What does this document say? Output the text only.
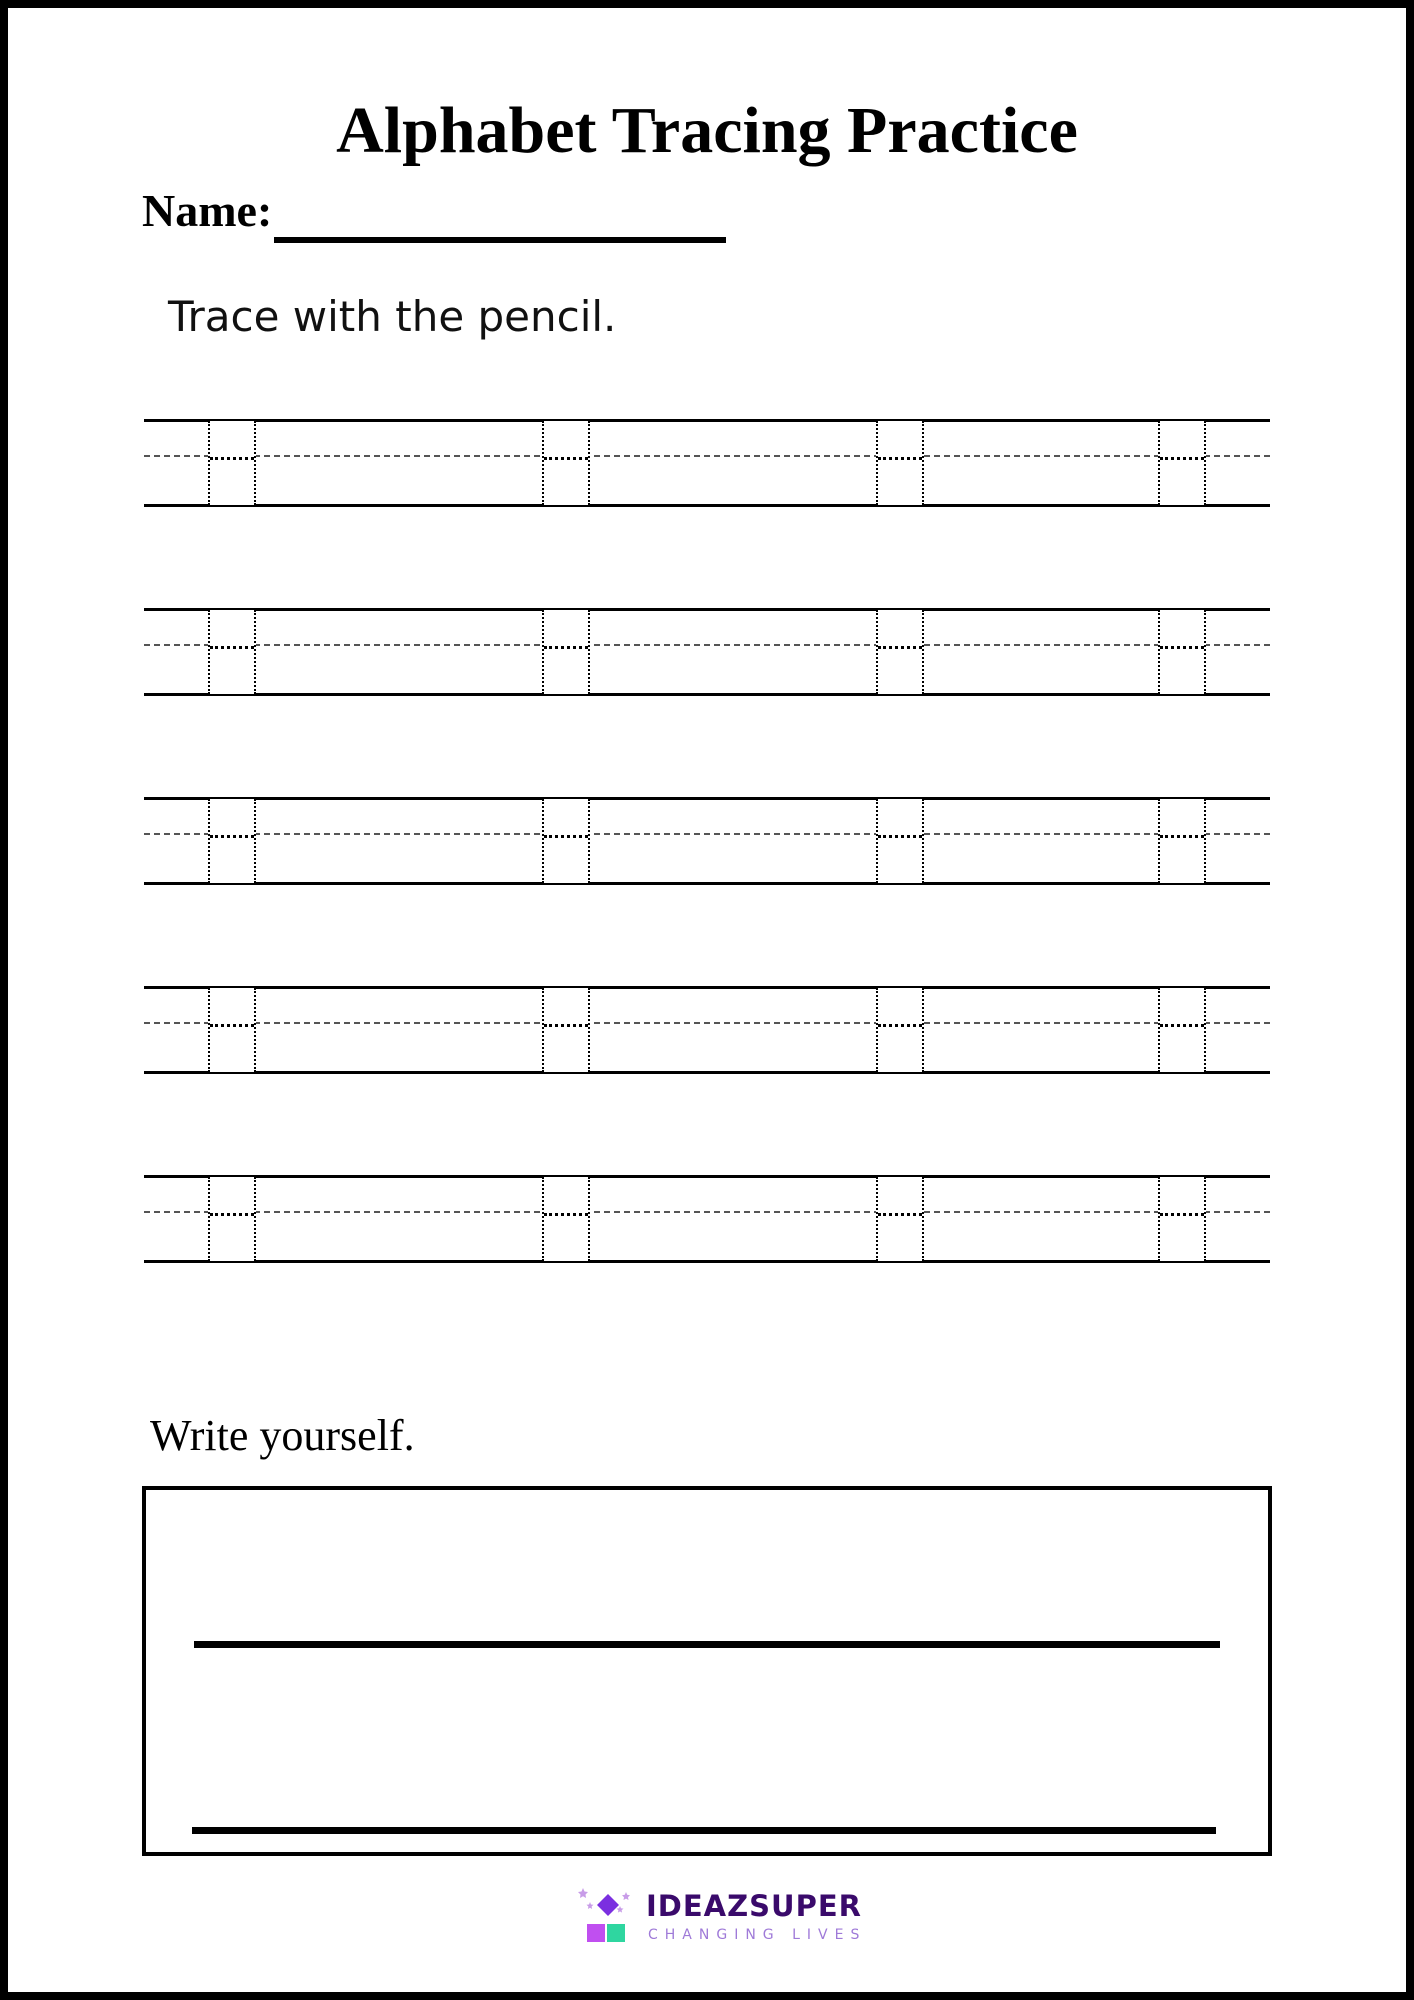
Alphabet Tracing Practice
Name:
Trace with the pencil.
Write yourself.
IDEAZSUPER
CHANGING LIVES
